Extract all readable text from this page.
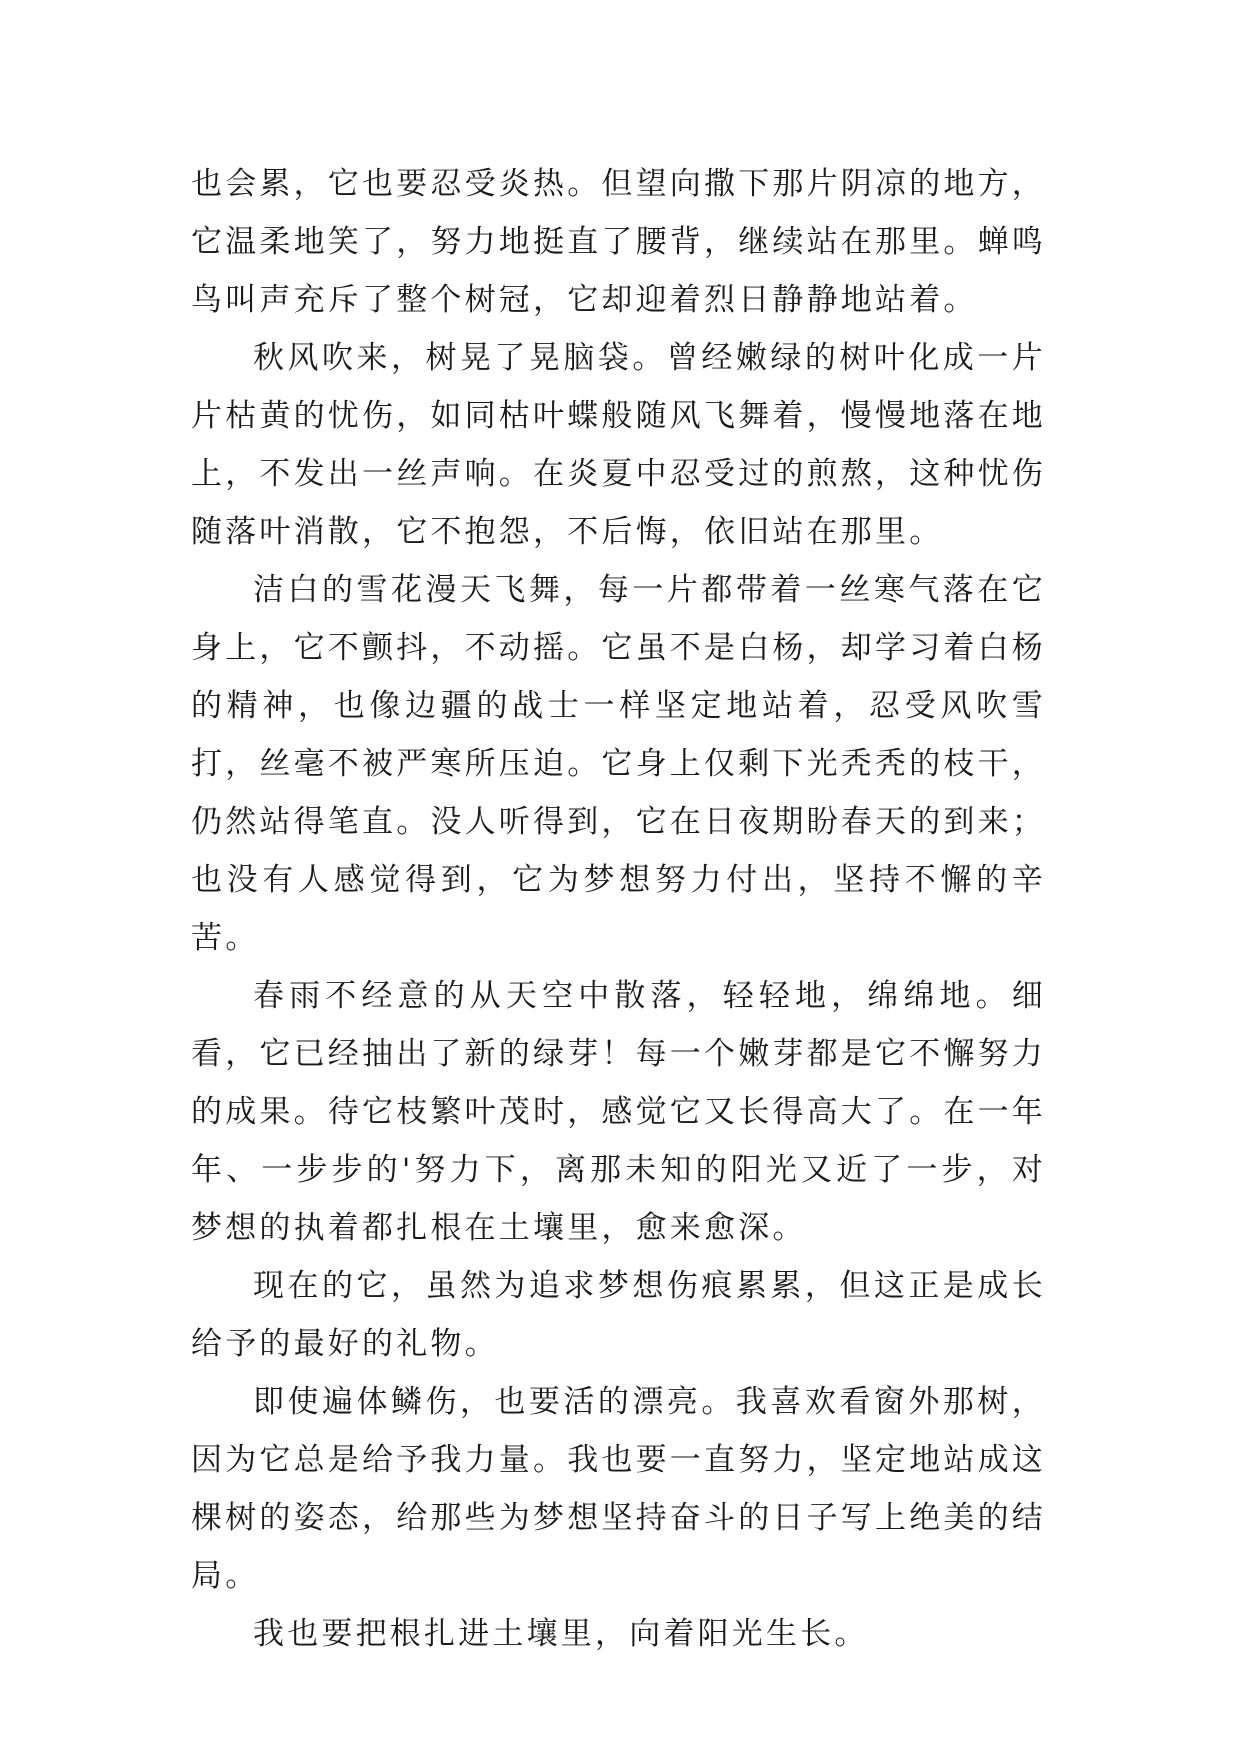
也会累，它也要忍受炎热。但望向撒下那片阴凉的地方，它温柔地笑了，努力地挺直了腰背，继续站在那里。蝉鸣鸟叫声充斥了整个树冠，它却迎着烈日静静地站着。

秋风吹来，树晃了晃脑袋。曾经嫩绿的树叶化成一片片枯黄的忧伤，如同枯叶蝶般随风飞舞着，慢慢地落在地上，不发出一丝声响。在炎夏中忍受过的煎熬，这种忧伤随落叶消散，它不抱怨，不后悔，依旧站在那里。

洁白的雪花漫天飞舞，每一片都带着一丝寒气落在它身上，它不颤抖，不动摇。它虽不是白杨，却学习着白杨的精神，也像边疆的战士一样坚定地站着，忍受风吹雪打，丝毫不被严寒所压迫。它身上仅剩下光秃秃的枝干，仍然站得笔直。没人听得到，它在日夜期盼春天的到来；也没有人感觉得到，它为梦想努力付出，坚持不懈的辛苦。

春雨不经意的从天空中散落，轻轻地，绵绵地。细看，它已经抽出了新的绿芽！每一个嫩芽都是它不懈努力的成果。待它枝繁叶茂时，感觉它又长得高大了。在一年年、一步步的'努力下，离那未知的阳光又近了一步，对梦想的执着都扎根在土壤里，愈来愈深。

现在的它，虽然为追求梦想伤痕累累，但这正是成长给予的最好的礼物。

即使遍体鳞伤，也要活的漂亮。我喜欢看窗外那树，因为它总是给予我力量。我也要一直努力，坚定地站成这棵树的姿态，给那些为梦想坚持奋斗的日子写上绝美的结局。

我也要把根扎进土壤里，向着阳光生长。
